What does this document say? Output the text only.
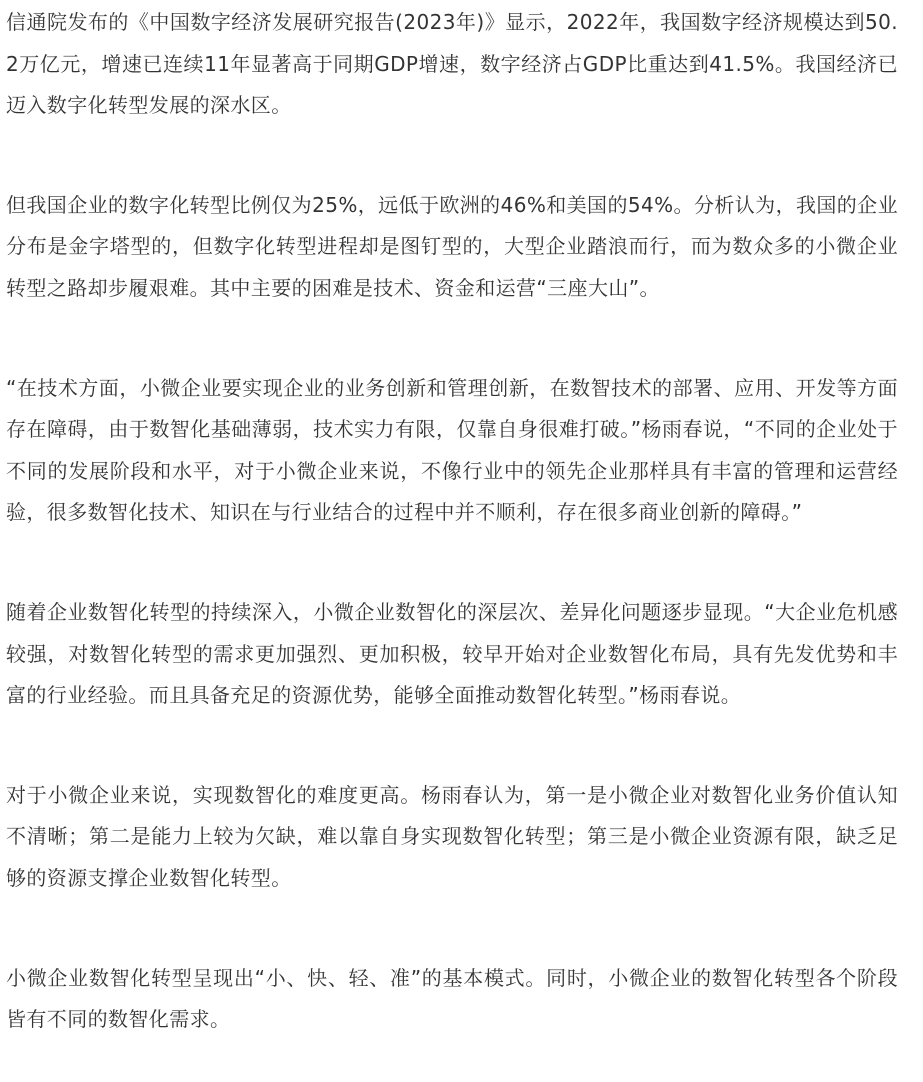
信通院发布的《中国数字经济发展研究报告(2023年)》显示，2022年，我国数字经济规模达到50.2万亿元，增速已连续11年显著高于同期GDP增速，数字经济占GDP比重达到41.5%。我国经济已迈入数字化转型发展的深水区。

但我国企业的数字化转型比例仅为25%，远低于欧洲的46%和美国的54%。分析认为，我国的企业分布是金字塔型的，但数字化转型进程却是图钉型的，大型企业踏浪而行，而为数众多的小微企业转型之路却步履艰难。其中主要的困难是技术、资金和运营“三座大山”。

“在技术方面，小微企业要实现企业的业务创新和管理创新，在数智技术的部署、应用、开发等方面存在障碍，由于数智化基础薄弱，技术实力有限，仅靠自身很难打破。”杨雨春说，“不同的企业处于不同的发展阶段和水平，对于小微企业来说，不像行业中的领先企业那样具有丰富的管理和运营经验，很多数智化技术、知识在与行业结合的过程中并不顺利，存在很多商业创新的障碍。”

随着企业数智化转型的持续深入，小微企业数智化的深层次、差异化问题逐步显现。“大企业危机感较强，对数智化转型的需求更加强烈、更加积极，较早开始对企业数智化布局，具有先发优势和丰富的行业经验。而且具备充足的资源优势，能够全面推动数智化转型。”杨雨春说。

对于小微企业来说，实现数智化的难度更高。杨雨春认为，第一是小微企业对数智化业务价值认知不清晰；第二是能力上较为欠缺，难以靠自身实现数智化转型；第三是小微企业资源有限，缺乏足够的资源支撑企业数智化转型。

小微企业数智化转型呈现出“小、快、轻、准”的基本模式。同时，小微企业的数智化转型各个阶段皆有不同的数智化需求。
